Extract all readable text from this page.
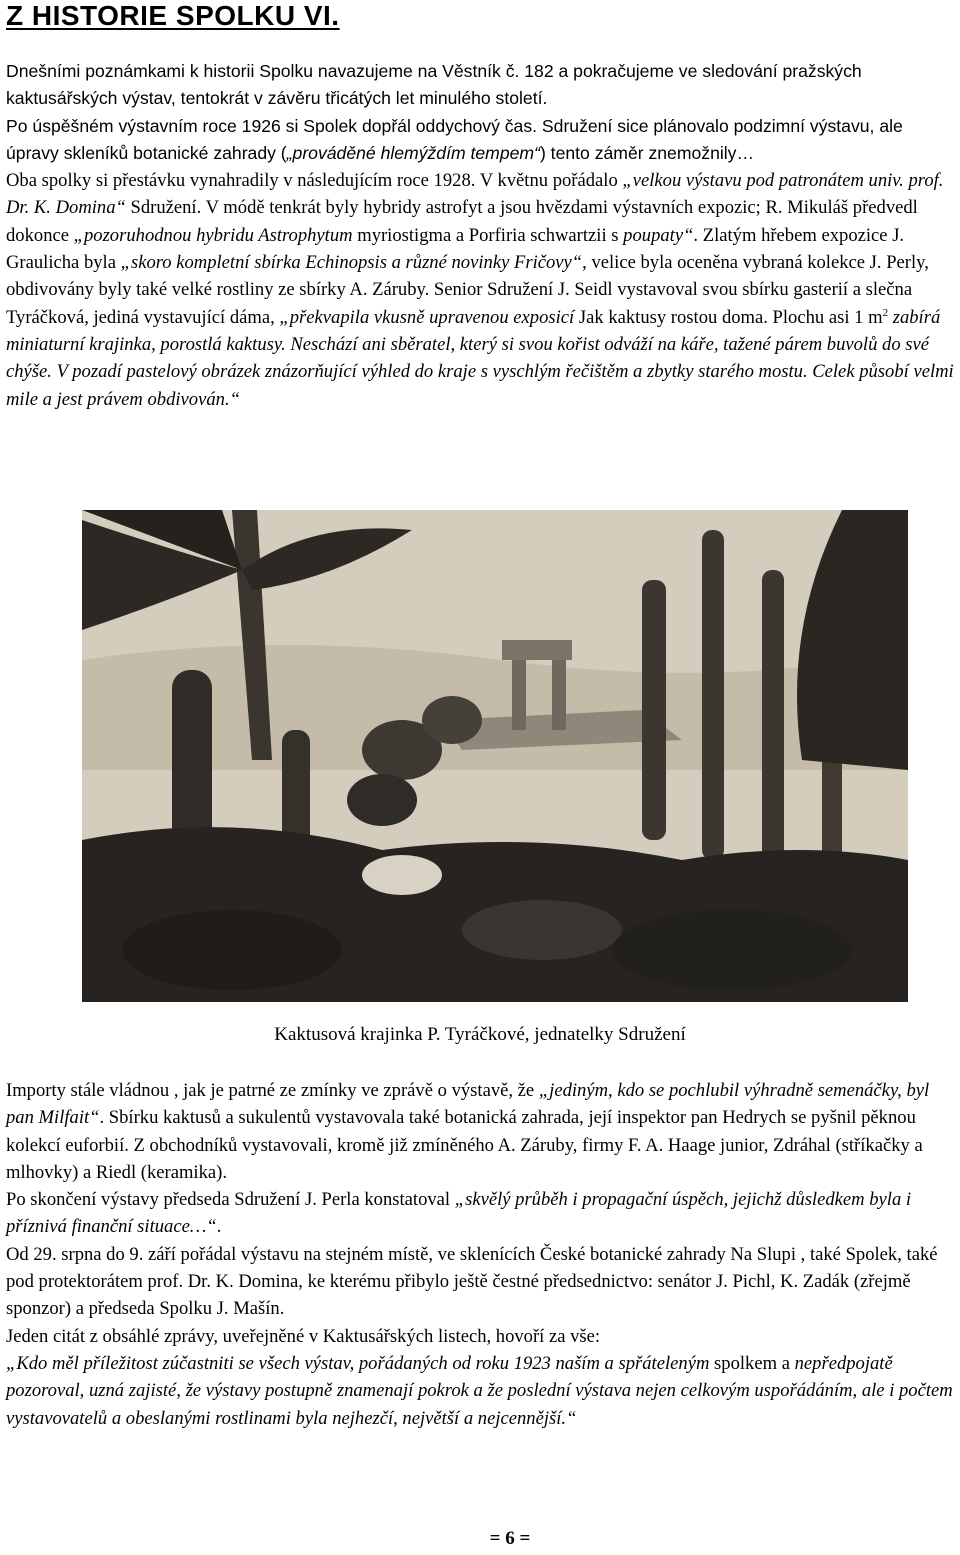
Z HISTORIE SPOLKU VI.

Dnešními poznámkami k historii Spolku navazujeme na Věstník č. 182 a pokračujeme ve sledování pražských kaktusářských výstav, tentokrát v závěru třicátých let minulého století.
Po úspěšném výstavním roce 1926 si Spolek dopřál oddychový čas. Sdružení sice plánovalo podzimní výstavu, ale úpravy skleníků botanické zahrady („prováděné hlemýždím tempem“) tento záměr znemožnily…

Oba spolky si přestávku vynahradily v následujícím roce 1928. V květnu pořádalo „velkou výstavu pod patronátem univ. prof. Dr. K. Domina“ Sdružení. V módě tenkrát byly hybridy astrofyt a jsou hvězdami výstavních expozic; R. Mikuláš předvedl dokonce „pozoruhodnou hybridu Astrophytum myriostigma a Porfiria schwartzii s poupaty“. Zlatým hřebem expozice J. Graulicha byla „skoro kompletní sbírka Echinopsis a různé novinky Fričovy“, velice byla oceněna vybraná kolekce J. Perly, obdivovány byly také velké rostliny ze sbírky A. Záruby. Senior Sdružení J. Seidl vystavoval svou sbírku gasterií a slečna Tyráčková, jediná vystavující dáma, „překvapila vkusně upravenou exposicí Jak kaktusy rostou doma. Plochu asi 1 $m^2$ zabírá miniaturní krajinka, porostlá kaktusy. Neschází ani sběratel, který si svou kořist odváží na káře, tažené párem buvolů do své chýše. V pozadí pastelový obrázek znázorňující výhled do kraje s vyschlým řečištěm a zbytky starého mostu. Celek působí velmi mile a jest právem obdivován.“

Kaktusová krajinka P. Tyráčkové, jednatelky Sdružení

Importy stále vládnou , jak je patrné ze zmínky ve zprávě o výstavě, že „jediným, kdo se pochlubil výhradně semenáčky, byl pan Milfait“. Sbírku kaktusů a sukulentů vystavovala také botanická zahrada, její inspektor pan Hedrych se pyšnil pěknou kolekcí euforbií. Z obchodníků vystavovali, kromě již zmíněného A. Záruby, firmy F. A. Haage junior, Zdráhal (stříkačky a mlhovky) a Riedl (keramika).

Po skončení výstavy předseda Sdružení J. Perla konstatoval „skvělý průběh i propagační úspěch, jejichž důsledkem byla i příznivá finanční situace…“.

Od 29. srpna do 9. září pořádal výstavu na stejném místě, ve sklenících České botanické zahrady Na Slupi , také Spolek, také pod protektorátem prof. Dr. K. Domina, ke kterému přibylo ještě čestné předsednictvo: senátor J. Pichl, K. Zadák (zřejmě sponzor) a předseda Spolku J. Mašín.

Jeden citát z obsáhlé zprávy, uveřejněné v Kaktusářských listech, hovoří za vše:

„Kdo měl příležitost zúčastniti se všech výstav, pořádaných od roku 1923 naším a spřáteleným spolkem a nepředpojatě pozoroval, uzná zajisté, že výstavy postupně znamenají pokrok a že poslední výstava nejen celkovým uspořádáním, ale i počtem vystavovatelů a obeslanými rostlinami byla nejhezčí, největší a nejcennější.“

= 6 =
